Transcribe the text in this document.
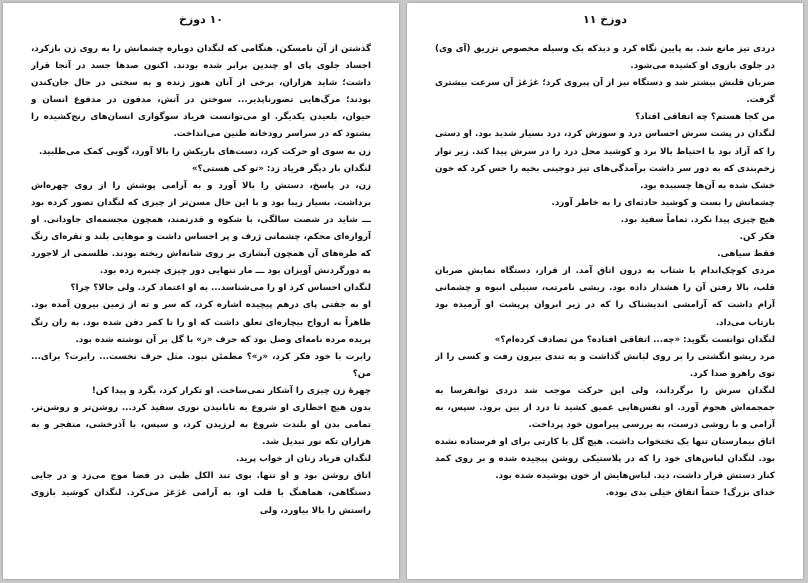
۱۰ دوزخ

گذشتن از آن نامسکن. هنگامی که لنگدان دوباره چشمانش را به روی زن بازکرد، اجساد جلوی پای او چندین برابر شده بودند. اکنون صدها جسد در آنجا قرار داشت؛ شاید هزاران، برخی از آنان هنوز زنده و به سختی در حال جان‌کندن بودند؛ مرگ‌هایی تصورناپذیر... سوختن در آتش، مدفون در مدفوع انسان و حیوان، بلعیدن یکدیگر. او می‌توانست فریاد سوگواری انسان‌های رنج‌کشیده را بشنود که در سراسر رودخانه طنین می‌انداخت.

زن به سوی او حرکت کرد، دست‌های باریکش را بالا آورد، گویی کمک می‌طلبید.

لنگدان بار دیگر فریاد زد: «تو کی هستی؟»

زن، در پاسخ، دستش را بالا آورد و به آرامی پوشش را از روی چهره‌اش برداشت. بسیار زیبا بود و با این حال مسن‌تر از چیزی که لنگدان تصور کرده بود ـــ شاید در شصت سالگی، با شکوه و قدرتمند، همچون مجسمه‌ای جاودانی. او آرواره‌ای محکم، چشمانی ژرف و پر احساس داشت و موهایی بلند و نقره‌ای رنگ که طره‌های آن همچون آبشاری بر روی شانه‌اش ریخته بودند. طلسمی از لاجورد به دورگردنش آویزان بود ـــ مار تنهایی دور چیزی چنبره زده بود.

لنگدان احساس کرد او را می‌شناسد... به او اعتماد کرد. ولی حالا؟ چرا؟

او به جفتی پای درهم پیچیده اشاره کرد، که سر و ته از زمین بیرون آمده بود. ظاهراً به ارواح بیچاره‌ای تعلق داشت که او را تا کمر دفن شده بود. به ران رنگ پریده مرده نامه‌ای وصل بود که حرف «ر» با گل بر آن نوشته شده بود.

رابرت با خود فکر کرد، «ر»؟ مطمئن نبود. مثل حرف نخست... رابرت؟ برای... من؟

چهرهٔ زن چیزی را آشکار نمی‌ساخت. او تکرار کرد، بگرد و پیدا کن!

بدون هیچ اخطاری او شروع به تابانیدن نوری سفید کرد... روشن‌تر و روشن‌تر. تمامی بدن او بلندت شروع به لرزیدن کرد، و سپس، با آذرخشی، منفجر و به هزاران تکه نور تبدیل شد.

لنگدان فریاد زنان از خواب پرید.

اتاق روشن بود و او تنها. بوی تند الکل طبی در فضا موج می‌زد و در جایی دستگاهی، هماهنگ با قلب او، به آرامی غژغژ می‌کرد. لنگدان کوشید بازوی راستش را بالا بیاورد، ولی

دوزخ ۱۱

دردی تیز مانع شد. به پایین نگاه کرد و دیدکه یک وسیله مخصوص تزریق (آی وی) در جلوی بازوی او کشیده می‌شود.

ضربان قلبش بیشتر شد و دستگاه نیز از آن پیروی کرد؛ غژغژ آن سرعت بیشتری گرفت.

من کجا هستم؟ چه اتفاقی افتاد؟

لنگدان در پشت سرش احساس درد و سوزش کرد، درد بسیار شدید بود. او دستی را که آزاد بود با احتیاط بالا برد و کوشید محل درد را در سرش پیدا کند. زیر نوار زخم‌بندی که به دور سر داشت برآمدگی‌های تیز دوجینی بخیه را حس کرد که خون خشک شده به آن‌ها چسبیده بود.

چشمانش را بست و کوشید حادثه‌ای را به خاطر آورد.

هیچ چیزی پیدا نکرد. تماماً سفید بود.

فکر کن.

فقط سیاهی.

مردی کوچک‌اندام با شتاب به درون اتاق آمد. از قرار، دستگاه نمایش ضربان قلب، بالا رفتن آن را هشدار داده بود. ریشی نامرتب، سبیلی انبوه و چشمانی آرام داشت که آرامشی اندیشناک را که در زیر ابروان پرپشت او آرمیده بود بازتاب می‌داد.

لنگدان توانست بگوید: «چه... اتفاقی افتاده؟ من تصادف کرده‌ام؟»

مرد ریشو انگشتی را بر روی لبانش گذاشت و به تندی بیرون رفت و کسی را از توی راهرو صدا کرد.

لنگدان سرش را برگرداند، ولی این حرکت موجب شد دردی توانفرسا به جمجمه‌اش هجوم آورد. او نفس‌هایی عمیق کشید تا درد از بین برود. سپس، به آرامی و با روشی درست، به بررسی پیرامون خود پرداخت.

اتاق بیمارستان تنها یک تختخواب داشت. هیچ گل یا کارتی برای او فرستاده نشده بود. لنگدان لباس‌های خود را که در پلاستیکی روشن پیچیده شده و بر روی کمد کنار دستش قرار داشت، دید. لباس‌هایش از خون پوشیده شده بود.

خدای بزرگ! حتماً اتفاق خیلی بدی بوده.
